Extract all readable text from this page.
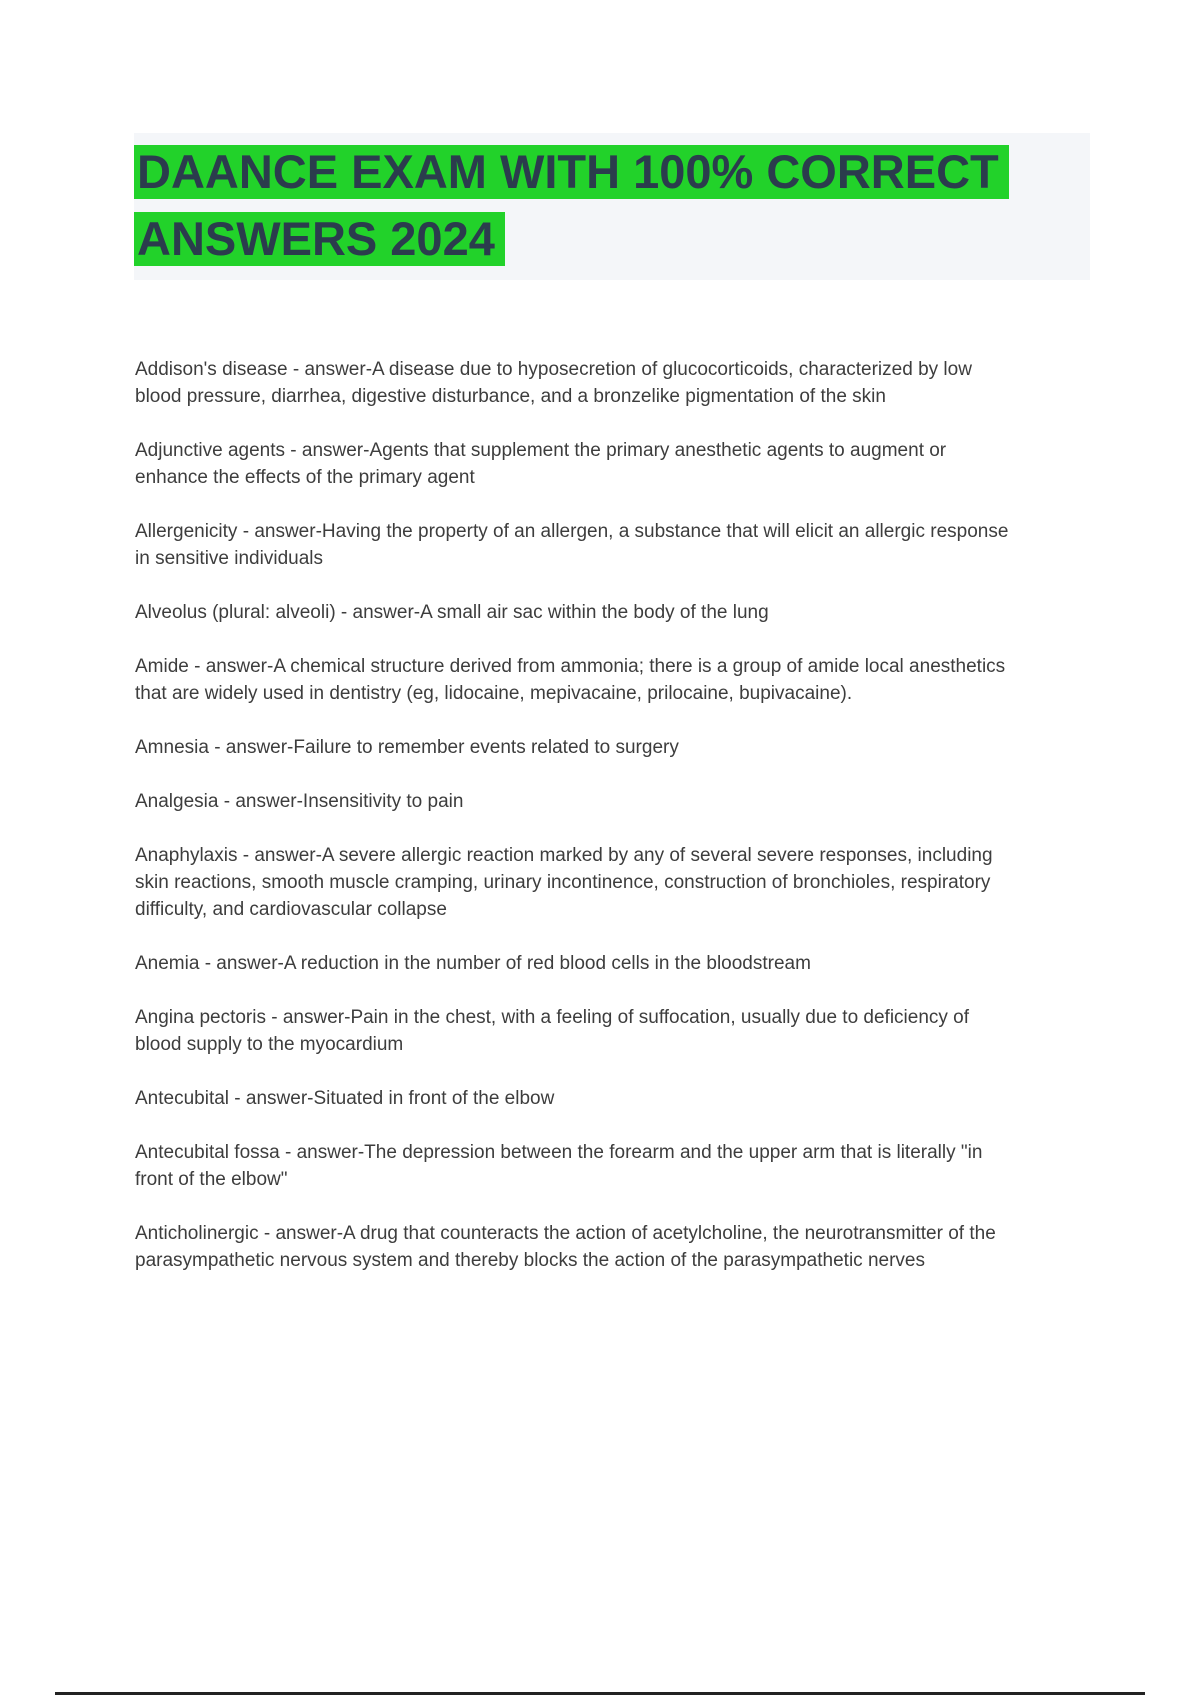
DAANCE EXAM WITH 100% CORRECT
ANSWERS 2024

Addison's disease - answer-A disease due to hyposecretion of glucocorticoids, characterized by low blood pressure, diarrhea, digestive disturbance, and a bronzelike pigmentation of the skin

Adjunctive agents - answer-Agents that supplement the primary anesthetic agents to augment or enhance the effects of the primary agent

Allergenicity - answer-Having the property of an allergen, a substance that will elicit an allergic response in sensitive individuals

Alveolus (plural: alveoli) - answer-A small air sac within the body of the lung

Amide - answer-A chemical structure derived from ammonia; there is a group of amide local anesthetics that are widely used in dentistry (eg, lidocaine, mepivacaine, prilocaine, bupivacaine).

Amnesia - answer-Failure to remember events related to surgery

Analgesia - answer-Insensitivity to pain

Anaphylaxis - answer-A severe allergic reaction marked by any of several severe responses, including skin reactions, smooth muscle cramping, urinary incontinence, construction of bronchioles, respiratory difficulty, and cardiovascular collapse

Anemia - answer-A reduction in the number of red blood cells in the bloodstream

Angina pectoris - answer-Pain in the chest, with a feeling of suffocation, usually due to deficiency of blood supply to the myocardium

Antecubital - answer-Situated in front of the elbow

Antecubital fossa - answer-The depression between the forearm and the upper arm that is literally "in front of the elbow"

Anticholinergic - answer-A drug that counteracts the action of acetylcholine, the neurotransmitter of the parasympathetic nervous system and thereby blocks the action of the parasympathetic nerves
